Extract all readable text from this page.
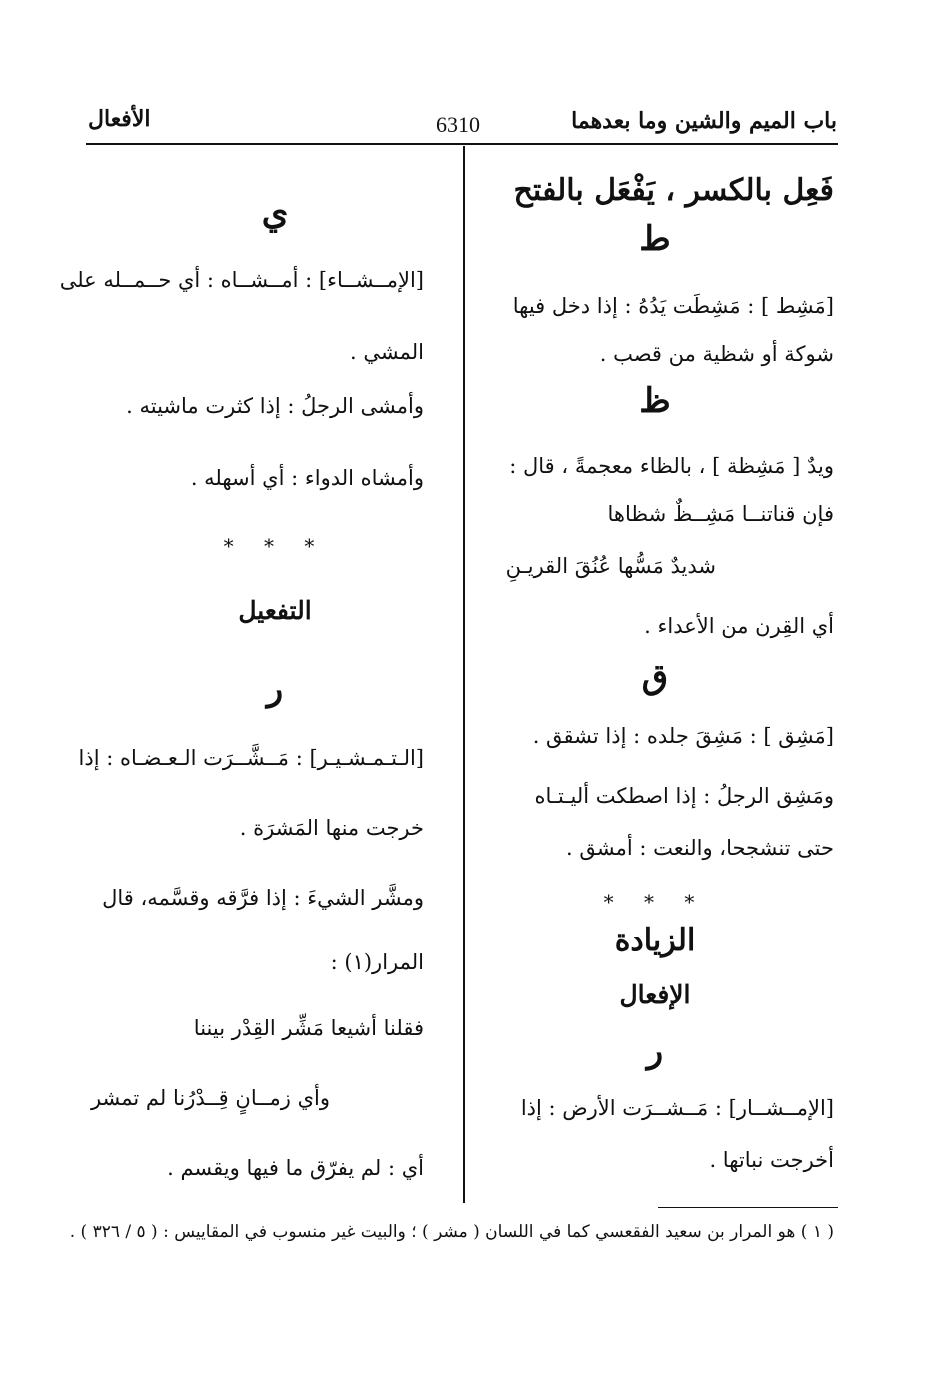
باب الميم والشين وما بعدهما
6310
الأفعال
فَعِل بالكسر ، يَفْعَل بالفتح
ط
[مَشِط ] : مَشِطَت يَدُهُ : إذا دخل فيها
شوكة أو شظية من قصب .
ظ
ويدٌ [ مَشِظة ] ، بالظاء معجمةً ، قال :
فإن قناتنــا مَشِــظٌ شظاها
شديدٌ مَسُّها عُنُقَ القريـنِ
أي القِرن من الأعداء .
ق
[مَشِق ] : مَشِقَ جلده : إذا تشقق .
ومَشِق الرجلُ : إذا اصطكت أليـتـاه
حتى تنشجحا، والنعت : أمشق .
* * *
الزيادة
الإفعال
ر
[الإمــشــار] : مَــشــرَت الأرض : إذا
أخرجت نباتها .
ي
[الإمــشــاء] : أمــشــاه : أي حــمــله على
المشي .
وأمشى الرجلُ : إذا كثرت ماشيته .
وأمشاه الدواء : أي أسهله .
* * *
التفعيل
ر
[الـتـمـشـيـر] : مَــشَّــرَت الـعـضـاه : إذا
خرجت منها المَشرَة .
ومشَّر الشيءَ : إذا فرَّقه وقسَّمه، قال
المرار(١) :
فقلنا أشيعا مَشِّر القِدْر بيننا
وأي زمــانٍ قِــدْرُنا لم تمشر
أي : لم يفرّق ما فيها ويقسم .
( ١ ) هو المرار بن سعيد الفقعسي كما في اللسان ( مشر ) ؛ والبيت غير منسوب في المقاييس : ( ٥ / ٣٢٦ ) .
